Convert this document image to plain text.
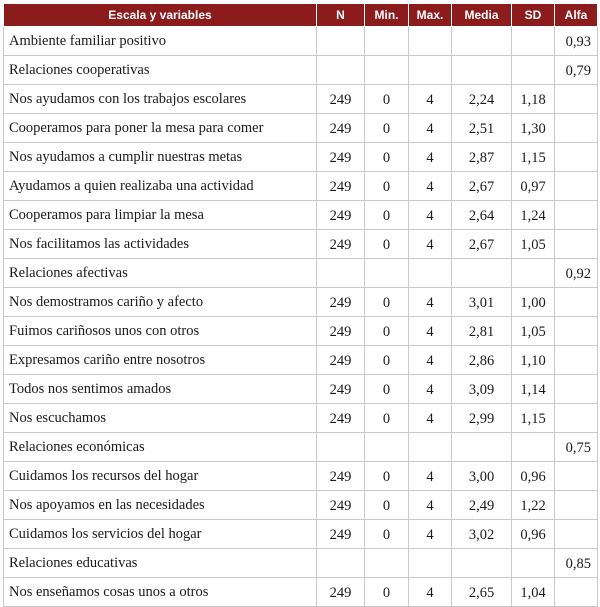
Escala y variables	N	Min.	Max.	Media	SD	Alfa
Ambiente familiar positivo						0,93
Relaciones cooperativas						0,79
Nos ayudamos con los trabajos escolares	249	0	4	2,24	1,18	
Cooperamos para poner la mesa para comer	249	0	4	2,51	1,30	
Nos ayudamos a cumplir nuestras metas	249	0	4	2,87	1,15	
Ayudamos a quien realizaba una actividad	249	0	4	2,67	0,97	
Cooperamos para limpiar la mesa	249	0	4	2,64	1,24	
Nos facilitamos las actividades	249	0	4	2,67	1,05	
Relaciones afectivas						0,92
Nos demostramos cariño y afecto	249	0	4	3,01	1,00	
Fuimos cariñosos unos con otros	249	0	4	2,81	1,05	
Expresamos cariño entre nosotros	249	0	4	2,86	1,10	
Todos nos sentimos amados	249	0	4	3,09	1,14	
Nos escuchamos	249	0	4	2,99	1,15	
Relaciones económicas						0,75
Cuidamos los recursos del hogar	249	0	4	3,00	0,96	
Nos apoyamos en las necesidades	249	0	4	2,49	1,22	
Cuidamos los servicios del hogar	249	0	4	3,02	0,96	
Relaciones educativas						0,85
Nos enseñamos cosas unos a otros	249	0	4	2,65	1,04	
